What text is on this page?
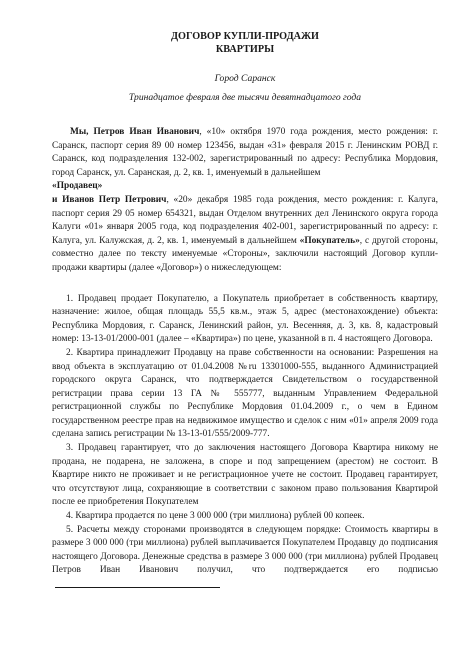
ДОГОВОР КУПЛИ-ПРОДАЖИ
КВАРТИРЫ
Город Саранск
Тринадцатое февраля две тысячи девятнадцатого года

Мы, Петров Иван Иванович, «10» октября 1970 года рождения, место рождения: г. Саранск, паспорт серия 89 00 номер 123456, выдан «31» февраля 2015 г. Ленинским РОВД г. Саранск, код подразделения 132-002, зарегистрированный по адресу: Республика Мордовия, город Саранск, ул. Саранская, д. 2, кв. 1, именуемый в дальнейшем

«Продавец»

и Иванов Петр Петрович, «20» декабря 1985 года рождения, место рождения: г. Калуга, паспорт серия 29 05 номер 654321, выдан Отделом внутренних дел Ленинского округа города Калуги «01» января 2005 года, код подразделения 402-001, зарегистрированный по адресу: г. Калуга, ул. Калужская, д. 2, кв. 1, именуемый в дальнейшем «Покупатель», с другой стороны, совместно далее по тексту именуемые «Стороны», заключили настоящий Договор купли-продажи квартиры (далее «Договор») о нижеследующем:

1. Продавец продает Покупателю, а Покупатель приобретает в собственность квартиру, назначение: жилое, общая площадь 55,5 кв.м., этаж 5, адрес (местонахождение) объекта: Республика Мордовия, г. Саранск, Ленинский район, ул. Весенняя, д. 3, кв. 8, кадастровый номер: 13-13-01/2000-001 (далее – «Квартира») по цене, указанной в п. 4 настоящего Договора.

2. Квартира принадлежит Продавцу на праве собственности на основании: Разрешения на ввод объекта в эксплуатацию от 01.04.2008 №ru 13301000-555, выданного Администрацией городского округа Саранск, что подтверждается Свидетельством о государственной регистрации права серии 13 ГА № 555777, выданным Управлением Федеральной регистрационной службы по Республике Мордовия 01.04.2009 г., о чем в Едином государственном реестре прав на недвижимое имущество и сделок с ним «01» апреля 2009 года сделана запись регистрации № 13-13-01/555/2009-777.

3. Продавец гарантирует, что до заключения настоящего Договора Квартира никому не продана, не подарена, не заложена, в споре и под запрещением (арестом) не состоит. В Квартире никто не проживает и не регистрационное учете не состоит. Продавец гарантирует, что отсутствуют лица, сохраняющие в соответствии с законом право пользования Квартирой после ее приобретения Покупателем

4. Квартира продается по цене 3 000 000 (три миллиона) рублей 00 копеек.

5. Расчеты между сторонами производятся в следующем порядке: Стоимость квартиры в размере 3 000 000 (три миллиона) рублей выплачивается Покупателем Продавцу до подписания настоящего Договора. Денежные средства в размере 3 000 000 (три миллиона) рублей Продавец Петров Иван Иванович получил, что подтверждается его подписью
